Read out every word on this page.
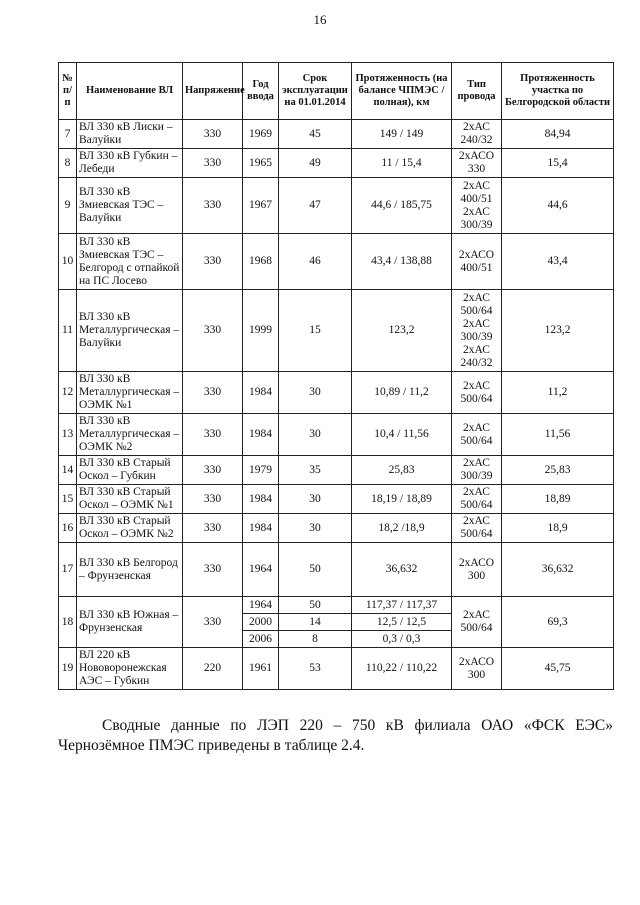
16
№ п/п	Наименование ВЛ	Напряжение	Год ввода	Срок эксплуатации на 01.01.2014	Протяженность (на балансе ЧПМЭС / полная), км	Тип провода	Протяженность участка по Белгородской области
7	ВЛ 330 кВ Лиски – Валуйки	330	1969	45	149 / 149	2хАС 240/32	84,94
8	ВЛ 330 кВ Губкин – Лебеди	330	1965	49	11 / 15,4	2хАСО 330	15,4
9	ВЛ 330 кВ Змиевская ТЭС – Валуйки	330	1967	47	44,6 / 185,75	2хАС 400/51 2хАС 300/39	44,6
10	ВЛ 330 кВ Змиевская ТЭС – Белгород с отпайкой на ПС Лосево	330	1968	46	43,4 / 138,88	2хАСО 400/51	43,4
11	ВЛ 330 кВ Металлургическая – Валуйки	330	1999	15	123,2	2хАС 500/64 2хАС 300/39 2хАС 240/32	123,2
12	ВЛ 330 кВ Металлургическая – ОЭМК №1	330	1984	30	10,89 / 11,2	2хАС 500/64	11,2
13	ВЛ 330 кВ Металлургическая – ОЭМК №2	330	1984	30	10,4 / 11,56	2хАС 500/64	11,56
14	ВЛ 330 кВ Старый Оскол – Губкин	330	1979	35	25,83	2хАС 300/39	25,83
15	ВЛ 330 кВ Старый Оскол – ОЭМК №1	330	1984	30	18,19 / 18,89	2хАС 500/64	18,89
16	ВЛ 330 кВ Старый Оскол – ОЭМК №2	330	1984	30	18,2 /18,9	2хАС 500/64	18,9
17	ВЛ 330 кВ Белгород – Фрунзенская	330	1964	50	36,632	2хАСО 300	36,632
18	ВЛ 330 кВ Южная – Фрунзенская	330	1964	50	117,37 / 117,37	2хАС 500/64	69,3
			2000	14	12,5 / 12,5		
			2006	8	0,3 / 0,3		
19	ВЛ 220 кВ Нововоронежская АЭС – Губкин	220	1961	53	110,22 / 110,22	2хАСО 300	45,75

Сводные данные по ЛЭП 220 – 750 кВ филиала ОАО «ФСК ЕЭС» Чернозёмное ПМЭС приведены в таблице 2.4.
